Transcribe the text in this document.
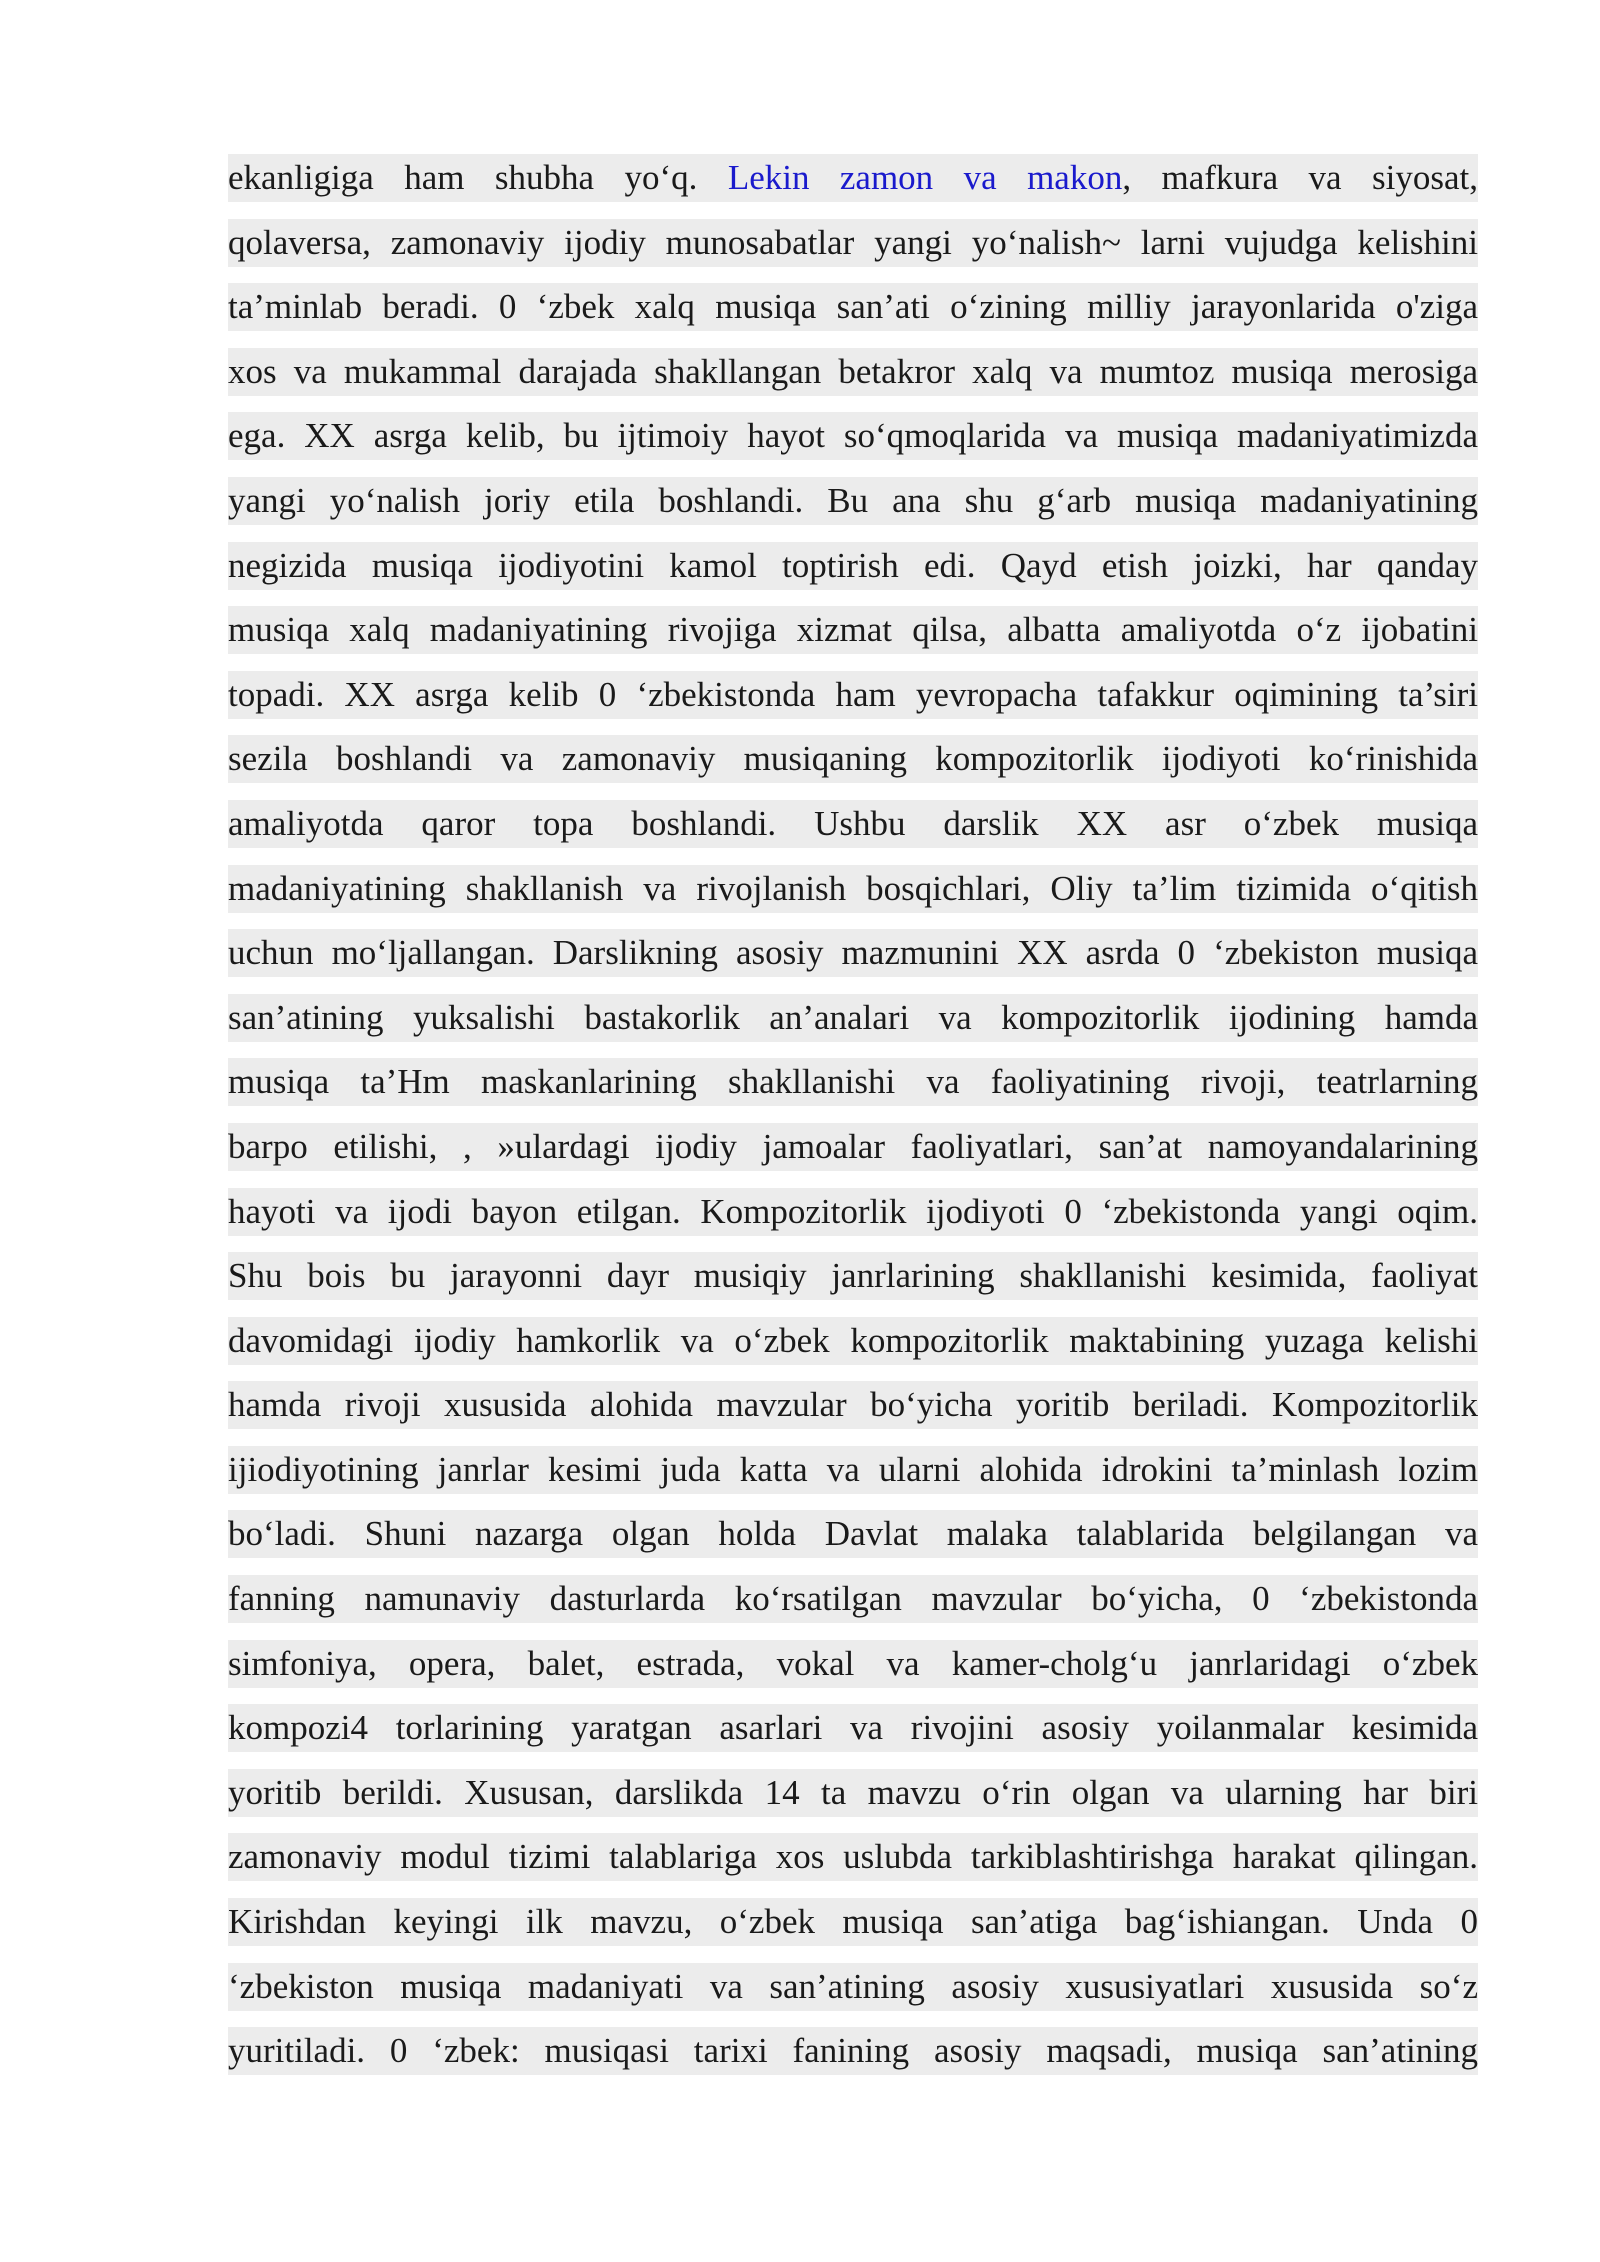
ekanligiga ham shubha yo‘q. Lekin zamon va makon, mafkura va siyosat,
qolaversa, zamonaviy ijodiy munosabatlar yangi yo‘nalish~ larni vujudga kelishini
ta’minlab beradi. 0 ‘zbek xalq musiqa san’ati o‘zining milliy jarayonlarida o'ziga
xos va mukammal darajada shakllangan betakror xalq va mumtoz musiqa merosiga
ega. XX asrga kelib, bu ijtimoiy hayot so‘qmoqlarida va musiqa madaniyatimizda
yangi yo‘nalish joriy etila boshlandi. Bu ana shu g‘arb musiqa madaniyatining
negizida musiqa ijodiyotini kamol toptirish edi. Qayd etish joizki, har qanday
musiqa xalq madaniyatining rivojiga xizmat qilsa, albatta amaliyotda o‘z ijobatini
topadi. XX asrga kelib 0 ‘zbekistonda ham yevropacha tafakkur oqimining ta’siri
sezila boshlandi va zamonaviy musiqaning kompozitorlik ijodiyoti ko‘rinishida
amaliyotda qaror topa boshlandi. Ushbu darslik XX asr o‘zbek musiqa
madaniyatining shakllanish va rivojlanish bosqichlari, Oliy ta’lim tizimida o‘qitish
uchun mo‘ljallangan. Darslikning asosiy mazmunini XX asrda 0 ‘zbekiston musiqa
san’atining yuksalishi bastakorlik an’analari va kompozitorlik ijodining hamda
musiqa ta’Hm maskanlarining shakllanishi va faoliyatining rivoji, teatrlarning
barpo etilishi, , »ulardagi ijodiy jamoalar faoliyatlari, san’at namoyandalarining
hayoti va ijodi bayon etilgan. Kompozitorlik ijodiyoti 0 ‘zbekistonda yangi oqim.
Shu bois bu jarayonni dayr musiqiy janrlarining shakllanishi kesimida, faoliyat
davomidagi ijodiy hamkorlik va o‘zbek kompozitorlik maktabining yuzaga kelishi
hamda rivoji xususida alohida mavzular bo‘yicha yoritib beriladi. Kompozitorlik
ijiodiyotining janrlar kesimi juda katta va ularni alohida idrokini ta’minlash lozim
bo‘ladi. Shuni nazarga olgan holda Davlat malaka talablarida belgilangan va
fanning namunaviy dasturlarda ko‘rsatilgan mavzular bo‘yicha, 0 ‘zbekistonda
simfoniya, opera, balet, estrada, vokal va kamer-cholg‘u janrlaridagi o‘zbek
kompozi4 torlarining yaratgan asarlari va rivojini asosiy yoilanmalar kesimida
yoritib berildi. Xususan, darslikda 14 ta mavzu o‘rin olgan va ularning har biri
zamonaviy modul tizimi talablariga xos uslubda tarkiblashtirishga harakat qilingan.
Kirishdan keyingi ilk mavzu, o‘zbek musiqa san’atiga bag‘ishiangan. Unda 0
‘zbekiston musiqa madaniyati va san’atining asosiy xususiyatlari xususida so‘z
yuritiladi. 0 ‘zbek: musiqasi tarixi fanining asosiy maqsadi, musiqa san’atining
